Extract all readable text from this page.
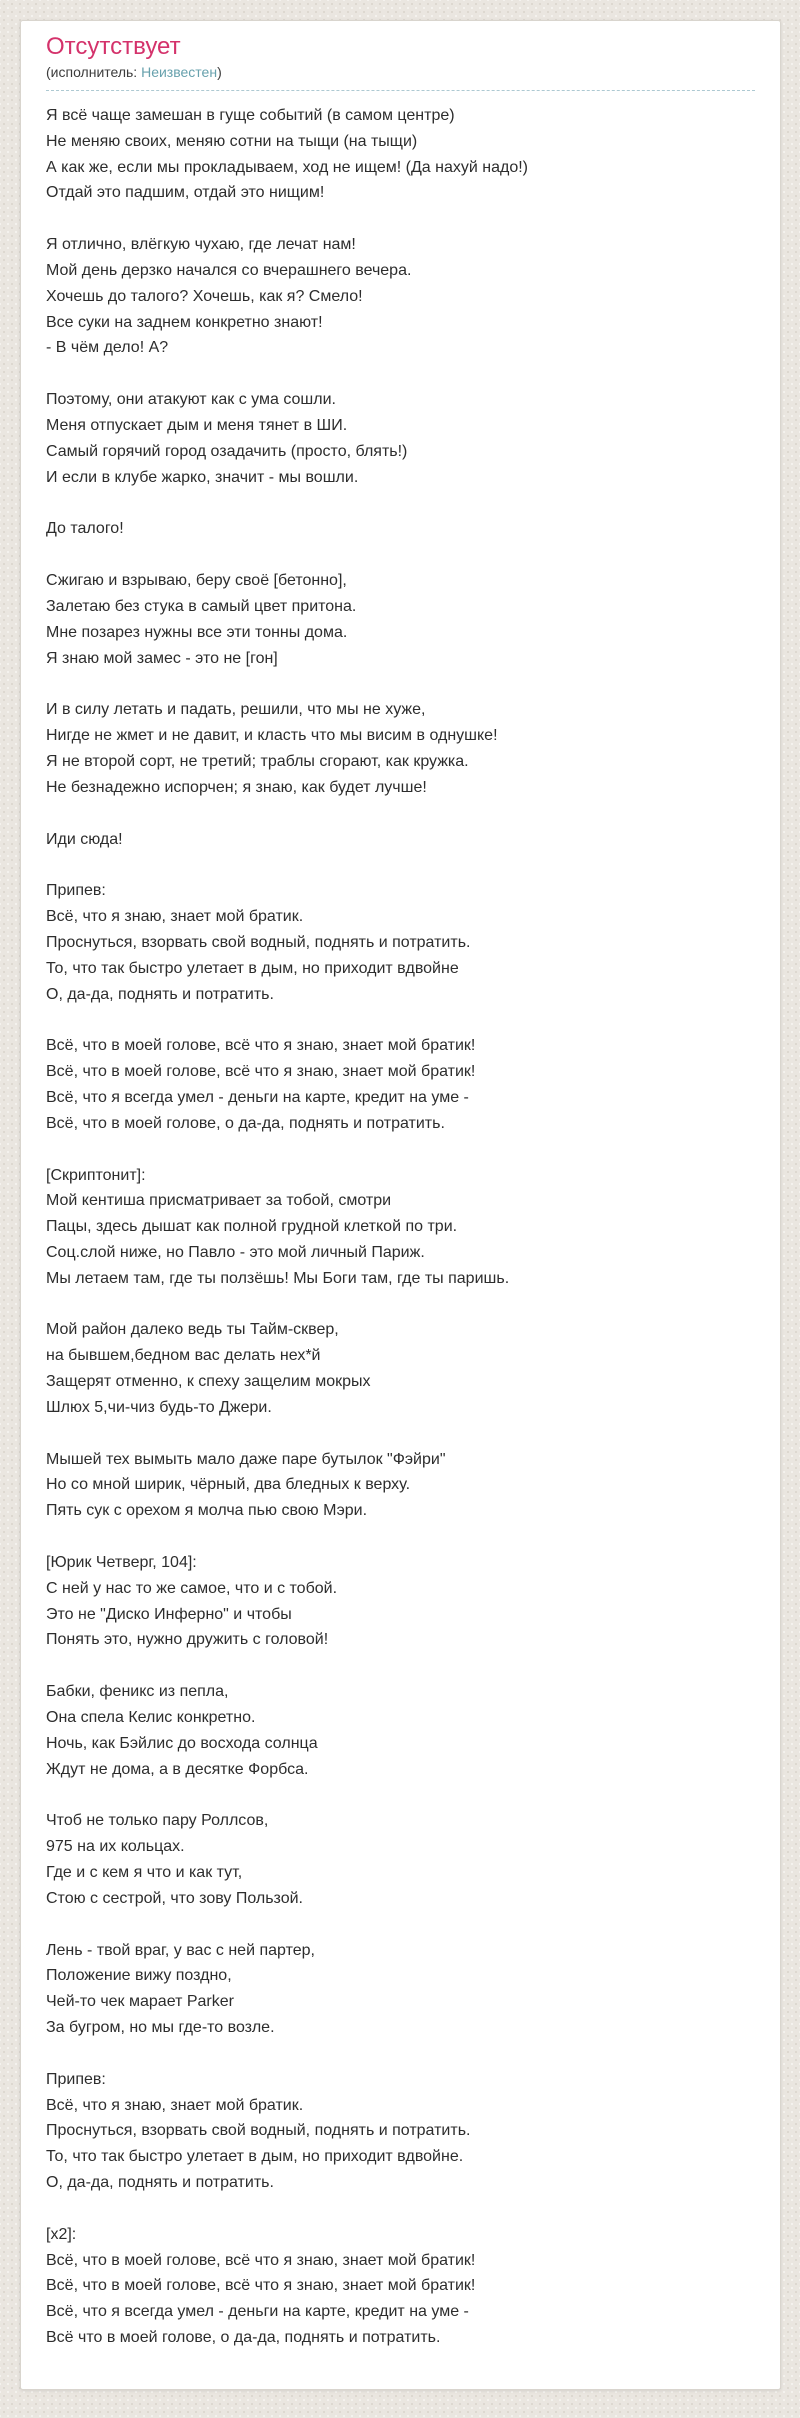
Отсутствует
(исполнитель: Неизвестен)

Я всё чаще замешан в гуще событий (в самом центре)
Не меняю своих, меняю сотни на тыщи (на тыщи)
А как же, если мы прокладываем, ход не ищем! (Да нахуй надо!)
Отдай это падшим, отдай это нищим!

Я отлично, влёгкую чухаю, где лечат нам!
Мой день дерзко начался со вчерашнего вечера.
Хочешь до талого? Хочешь, как я? Смело!
Все суки на заднем конкретно знают!
- В чём дело! А?

Поэтому, они атакуют как с ума сошли.
Меня отпускает дым и меня тянет в ШИ.
Самый горячий город озадачить (просто, блять!)
И если в клубе жарко, значит - мы вошли.

До талого!

Сжигаю и взрываю, беру своё [бетонно],
Залетаю без стука в самый цвет притона.
Мне позарез нужны все эти тонны дома.
Я знаю мой замес - это не [гон]

И в силу летать и падать, решили, что мы не хуже,
Нигде не жмет и не давит, и класть что мы висим в однушке!
Я не второй сорт, не третий; траблы сгорают, как кружка.
Не безнадежно испорчен; я знаю, как будет лучше!

Иди сюда!

Припев:
Всё, что я знаю, знает мой братик.
Проснуться, взорвать свой водный, поднять и потратить.
То, что так быстро улетает в дым, но приходит вдвойне
О, да-да, поднять и потратить.

Всё, что в моей голове, всё что я знаю, знает мой братик!
Всё, что в моей голове, всё что я знаю, знает мой братик!
Всё, что я всегда умел - деньги на карте, кредит на уме -
Всё, что в моей голове, о да-да, поднять и потратить.

[Скриптонит]:
Мой кентиша присматривает за тобой, смотри
Пацы, здесь дышат как полной грудной клеткой по три.
Соц.слой ниже, но Павло - это мой личный Париж.
Мы летаем там, где ты ползёшь! Мы Боги там, где ты паришь.

Мой район далеко ведь ты Тайм-сквер,
на бывшем,бедном вас делать нех*й
Защерят отменно, к спеху защелим мокрых
Шлюх 5,чи-чиз будь-то Джери.

Мышей тех вымыть мало даже паре бутылок "Фэйри"
Но со мной ширик, чёрный, два бледных к верху.
Пять сук с орехом я молча пью свою Мэри.

[Юрик Четверг, 104]:
С ней у нас то же самое, что и с тобой.
Это не "Диско Инферно" и чтобы
Понять это, нужно дружить с головой!

Бабки, феникс из пепла,
Она спела Келис конкретно.
Ночь, как Бэйлис до восхода солнца
Ждут не дома, а в десятке Форбса.

Чтоб не только пару Роллсов,
975 на их кольцах.
Где и с кем я что и как тут,
Стою с сестрой, что зову Пользой.

Лень - твой враг, у вас с ней партер,
Положение вижу поздно,
Чей-то чек марает Parker
За бугром, но мы где-то возле.

Припев:
Всё, что я знаю, знает мой братик.
Проснуться, взорвать свой водный, поднять и потратить.
То, что так быстро улетает в дым, но приходит вдвойне.
О, да-да, поднять и потратить.

[x2]:
Всё, что в моей голове, всё что я знаю, знает мой братик!
Всё, что в моей голове, всё что я знаю, знает мой братик!
Всё, что я всегда умел - деньги на карте, кредит на уме -
Всё что в моей голове, о да-да, поднять и потратить.
